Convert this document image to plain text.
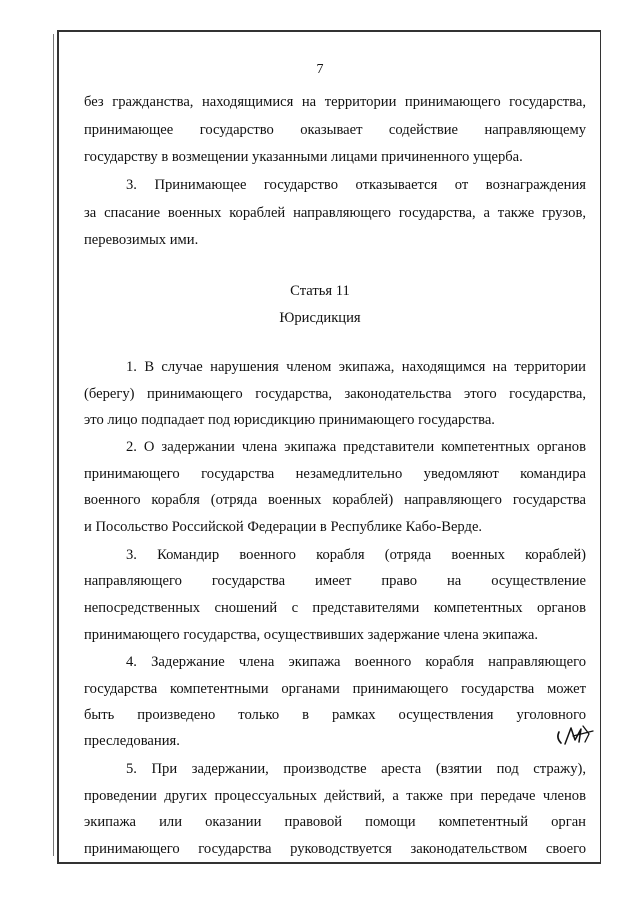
7
без гражданства, находящимися на территории принимающего государства,
принимающее государство оказывает содействие направляющему
государству в возмещении указанными лицами причиненного ущерба.
3. Принимающее государство отказывается от вознаграждения
за спасание военных кораблей направляющего государства, а также грузов,
перевозимых ими.
Статья 11
Юрисдикция
1. В случае нарушения членом экипажа, находящимся на территории
(берегу) принимающего государства, законодательства этого государства,
это лицо подпадает под юрисдикцию принимающего государства.
2. О задержании члена экипажа представители компетентных органов
принимающего государства незамедлительно уведомляют командира
военного корабля (отряда военных кораблей) направляющего государства
и Посольство Российской Федерации в Республике Кабо-Верде.
3. Командир военного корабля (отряда военных кораблей)
направляющего государства имеет право на осуществление
непосредственных сношений с представителями компетентных органов
принимающего государства, осуществивших задержание члена экипажа.
4. Задержание члена экипажа военного корабля направляющего
государства компетентными органами принимающего государства может
быть произведено только в рамках осуществления уголовного
преследования.
5. При задержании, производстве ареста (взятии под стражу),
проведении других процессуальных действий, а также при передаче членов
экипажа или оказании правовой помощи компетентный орган
принимающего государства руководствуется законодательством своего
